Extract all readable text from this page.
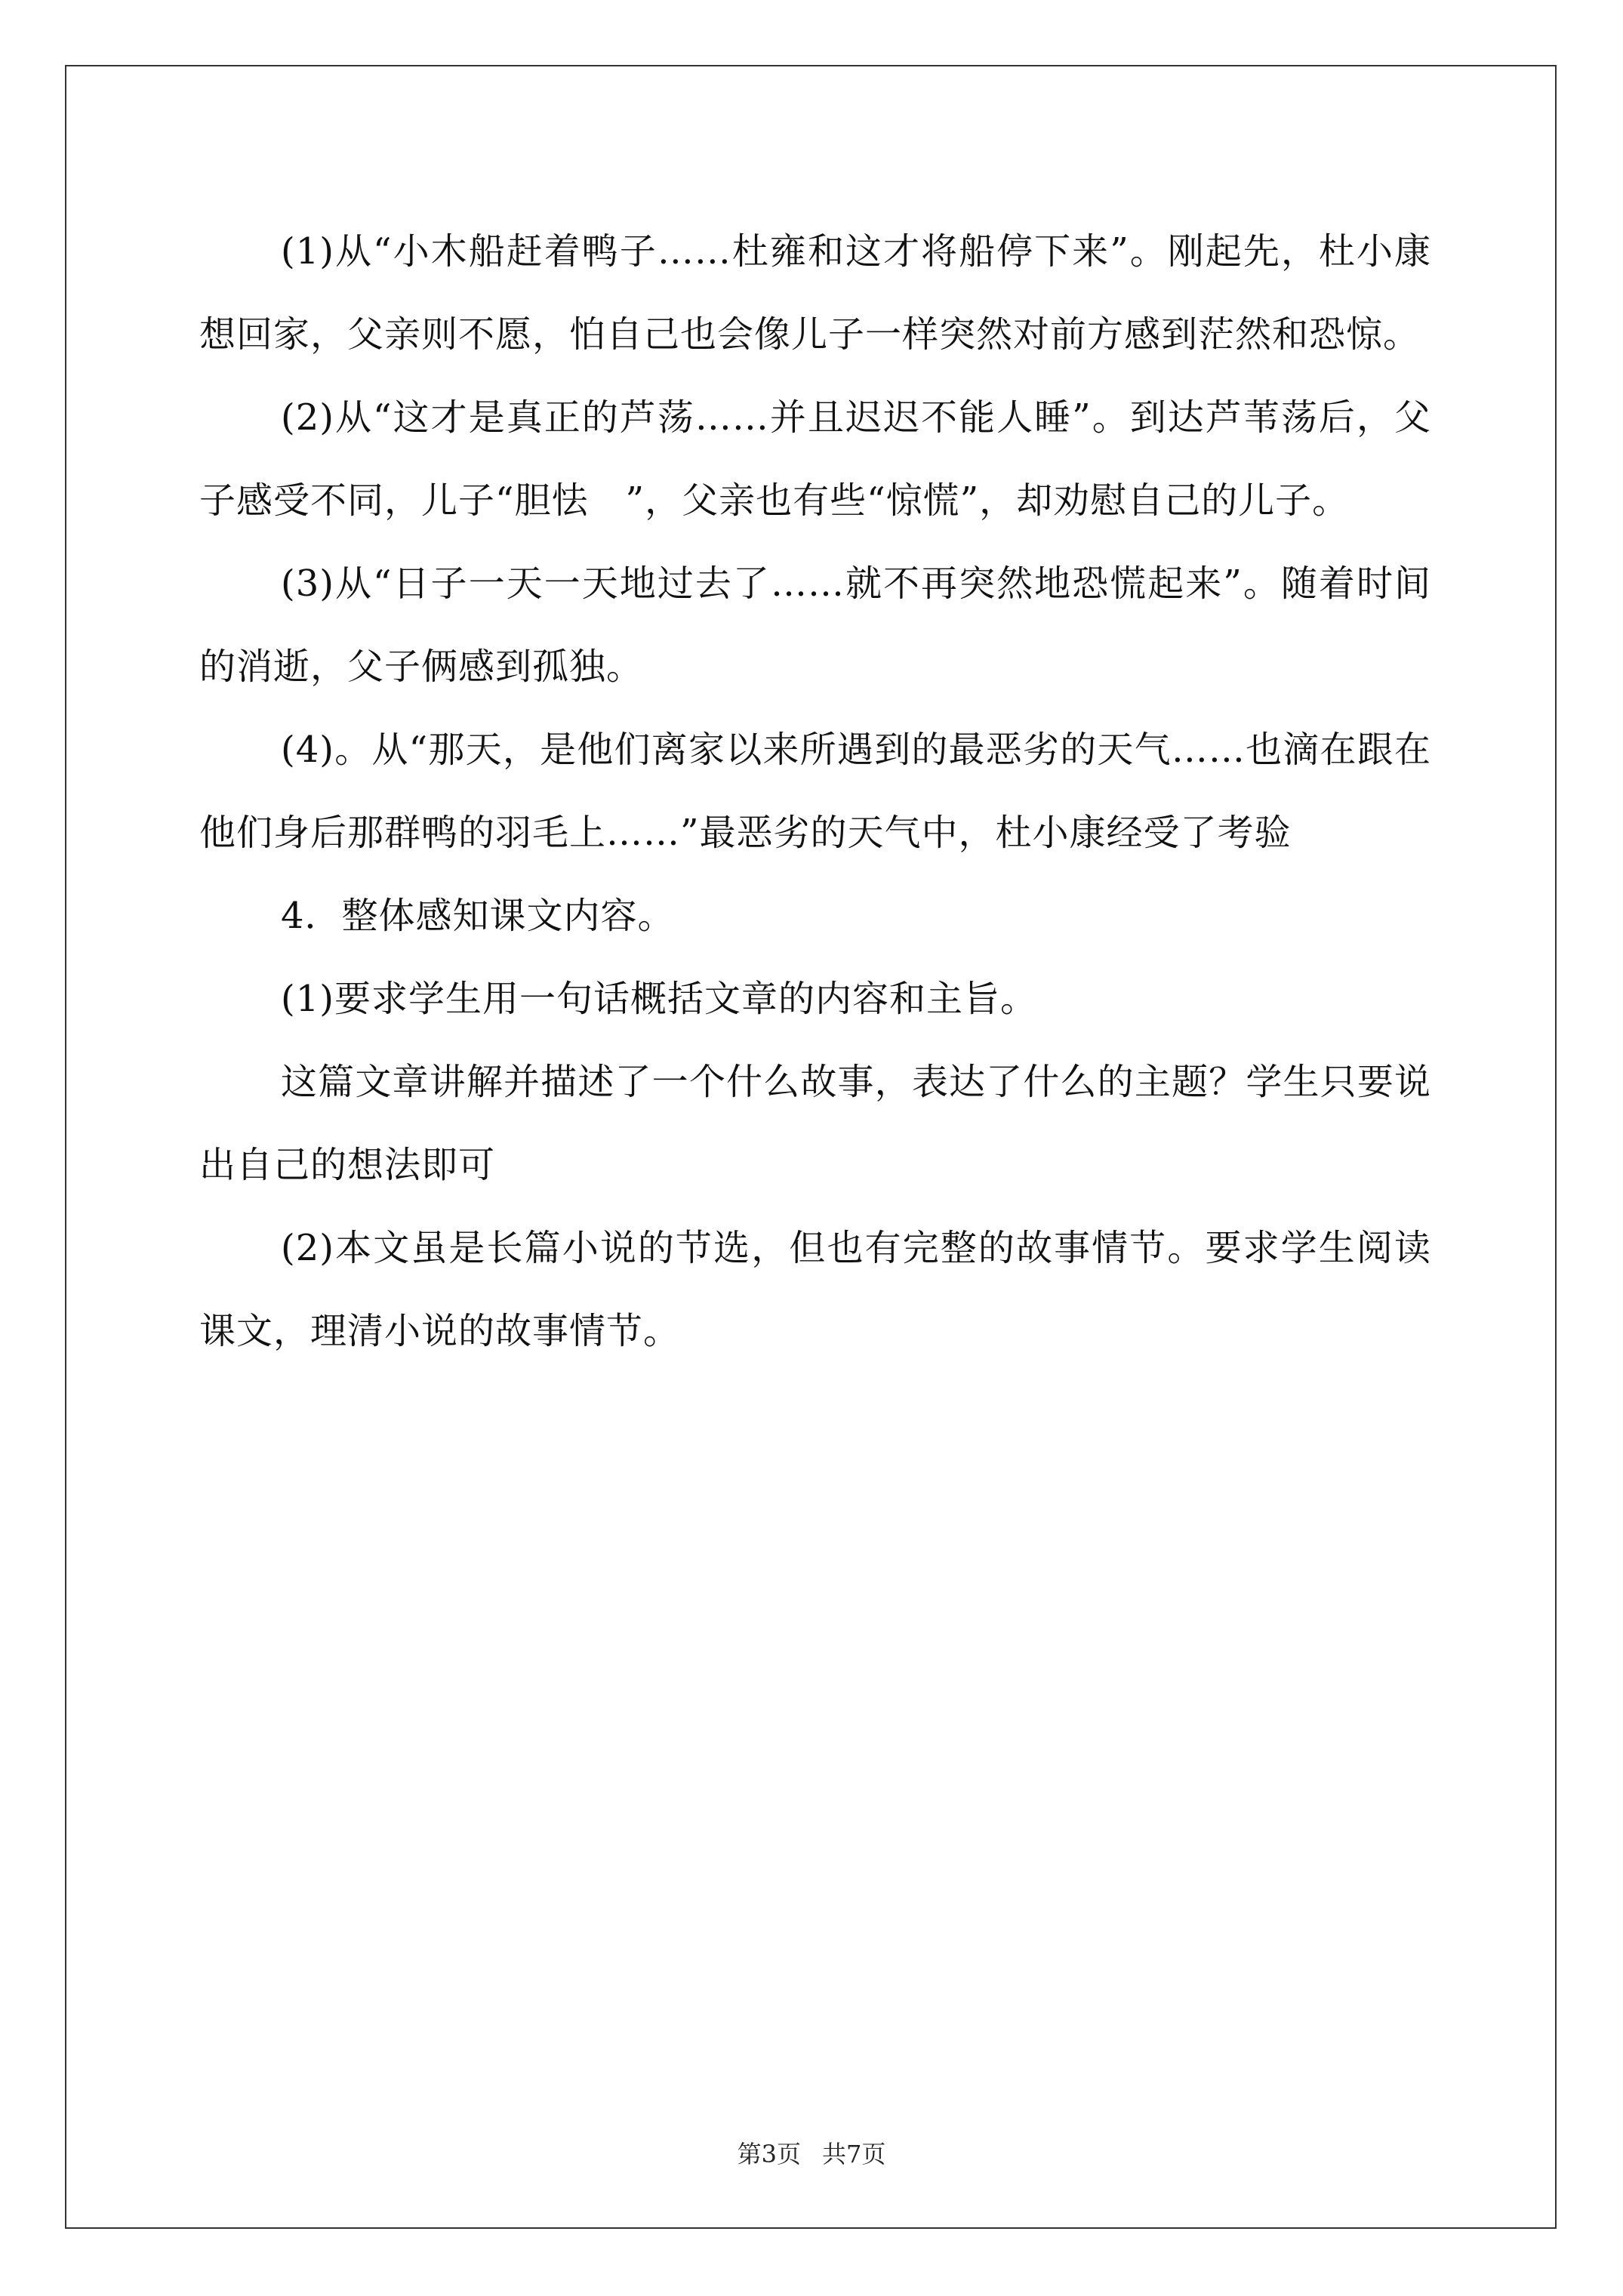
(1)从“小木船赶着鸭子……杜雍和这才将船停下来”。刚起先，杜小康想回家，父亲则不愿，怕自己也会像儿子一样突然对前方感到茫然和恐惊。

(2)从“这才是真正的芦荡……并且迟迟不能人睡”。到达芦苇荡后，父子感受不同，儿子“胆怯　”，父亲也有些“惊慌”，却劝慰自己的儿子。

(3)从“日子一天一天地过去了……就不再突然地恐慌起来”。随着时间的消逝，父子俩感到孤独。

(4)。从“那天，是他们离家以来所遇到的最恶劣的天气……也滴在跟在他们身后那群鸭的羽毛上……”最恶劣的天气中，杜小康经受了考验

4．整体感知课文内容。

(1)要求学生用一句话概括文章的内容和主旨。

这篇文章讲解并描述了一个什么故事，表达了什么的主题？学生只要说出自己的想法即可

(2)本文虽是长篇小说的节选，但也有完整的故事情节。要求学生阅读课文，理清小说的故事情节。

第3页 共7页
